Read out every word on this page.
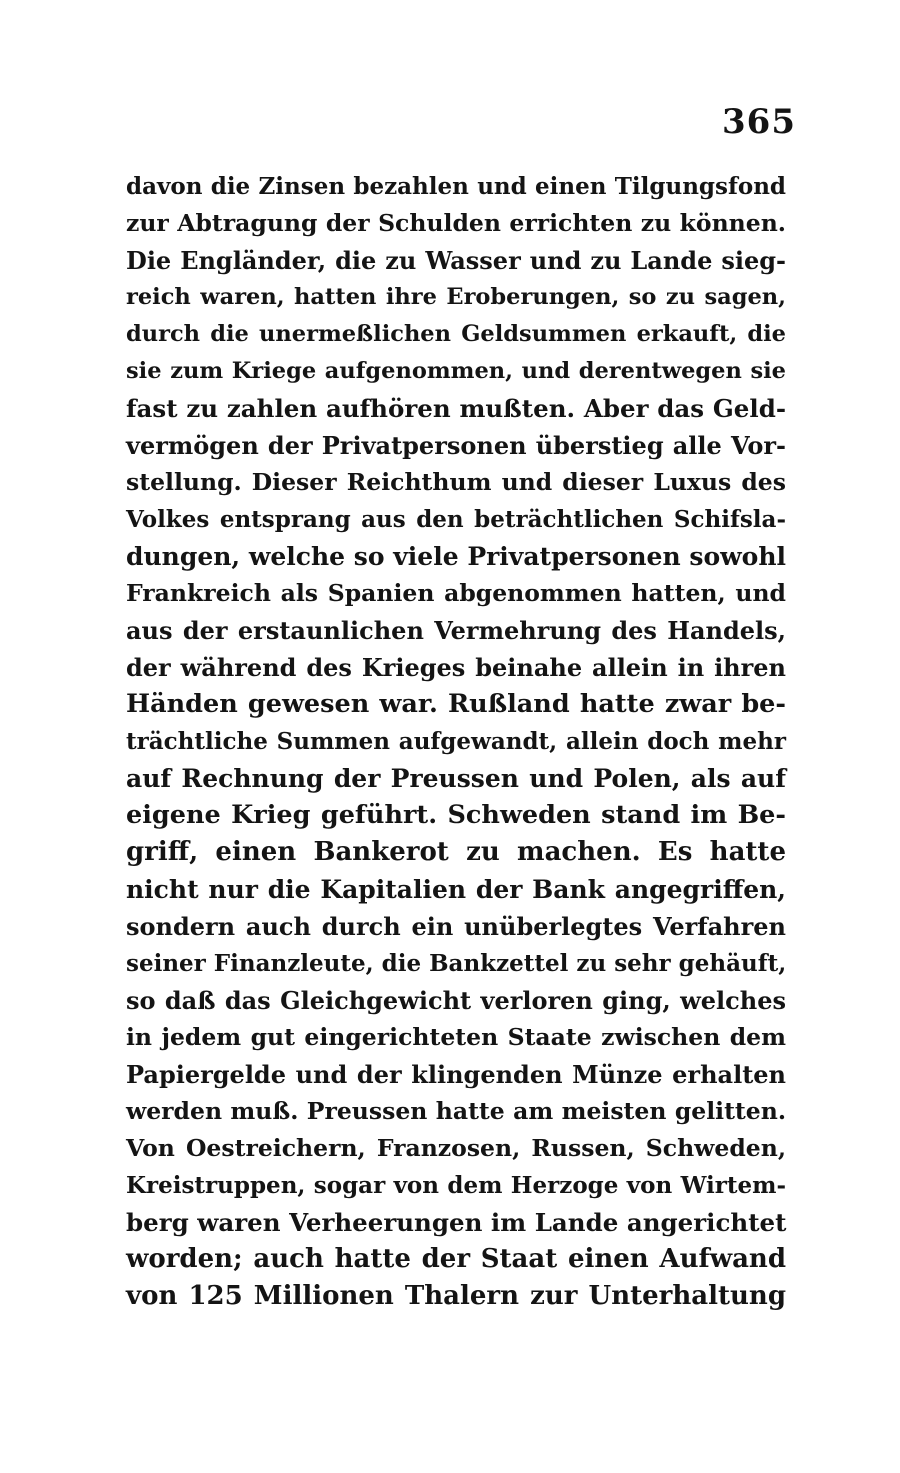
365
davon die Zinsen bezahlen und einen Tilgungsfond
zur Abtragung der Schulden errichten zu können.
Die Engländer, die zu Wasser und zu Lande sieg-
reich waren, hatten ihre Eroberungen, so zu sagen,
durch die unermeßlichen Geldsummen erkauft, die
sie zum Kriege aufgenommen, und derentwegen sie
fast zu zahlen aufhören mußten. Aber das Geld-
vermögen der Privatpersonen überstieg alle Vor-
stellung. Dieser Reichthum und dieser Luxus des
Volkes entsprang aus den beträchtlichen Schifsla-
dungen, welche so viele Privatpersonen sowohl
Frankreich als Spanien abgenommen hatten, und
aus der erstaunlichen Vermehrung des Handels,
der während des Krieges beinahe allein in ihren
Händen gewesen war. Rußland hatte zwar be-
trächtliche Summen aufgewandt, allein doch mehr
auf Rechnung der Preussen und Polen, als auf
eigene Krieg geführt. Schweden stand im Be-
griff, einen Bankerot zu machen. Es hatte
nicht nur die Kapitalien der Bank angegriffen,
sondern auch durch ein unüberlegtes Verfahren
seiner Finanzleute, die Bankzettel zu sehr gehäuft,
so daß das Gleichgewicht verloren ging, welches
in jedem gut eingerichteten Staate zwischen dem
Papiergelde und der klingenden Münze erhalten
werden muß. Preussen hatte am meisten gelitten.
Von Oestreichern, Franzosen, Russen, Schweden,
Kreistruppen, sogar von dem Herzoge von Wirtem-
berg waren Verheerungen im Lande angerichtet
worden; auch hatte der Staat einen Aufwand
von 125 Millionen Thalern zur Unterhaltung
